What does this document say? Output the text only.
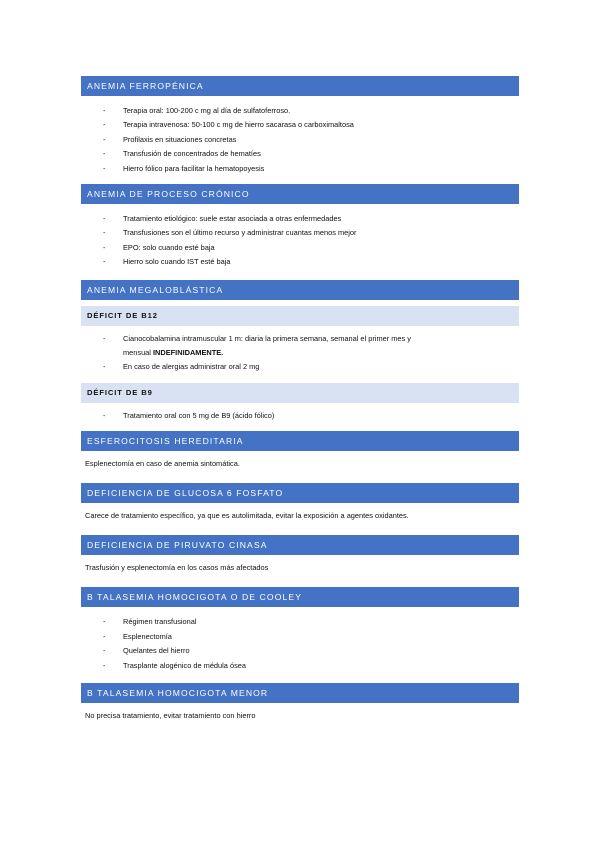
ANEMIA FERROPÉNICA
- Terapia oral: 100-200 c mg al día de sulfatoferroso.
- Terapia intravenosa: 50-100 c mg de hierro sacarasa o carboximaltosa
- Profilaxis en situaciones concretas
- Transfusión de concentrados de hematíes
- Hierro fólico para facilitar la hematopoyesis
ANEMIA DE PROCESO CRÓNICO
- Tratamiento etiológico: suele estar asociada a otras enfermedades
- Transfusiones son el último recurso y administrar cuantas menos mejor
- EPO: solo cuando esté baja
- Hierro solo cuando IST esté baja
ANEMIA MEGALOBLÁSTICA
DÉFICIT DE B12
- Cianocobalamina intramuscular 1 m: diaria la primera semana, semanal el primer mes y
mensual INDEFINIDAMENTE.
- En caso de alergias administrar oral 2 mg
DÉFICIT DE B9
- Tratamiento oral con 5 mg de B9 (ácido fólico)
ESFEROCITOSIS HEREDITARIA
Esplenectomía en caso de anemia sintomática.
DEFICIENCIA DE GLUCOSA 6 FOSFATO
Carece de tratamiento específico, ya que es autolimitada, evitar la exposición a agentes oxidantes.
DEFICIENCIA DE PIRUVATO CINASA
Trasfusión y esplenectomía en los casos más afectados
B TALASEMIA HOMOCIGOTA O DE COOLEY
- Régimen transfusional
- Esplenectomía
- Quelantes del hierro
- Trasplante alogénico de médula ósea
B TALASEMIA HOMOCIGOTA MENOR
No precisa tratamiento, evitar tratamiento con hierro
